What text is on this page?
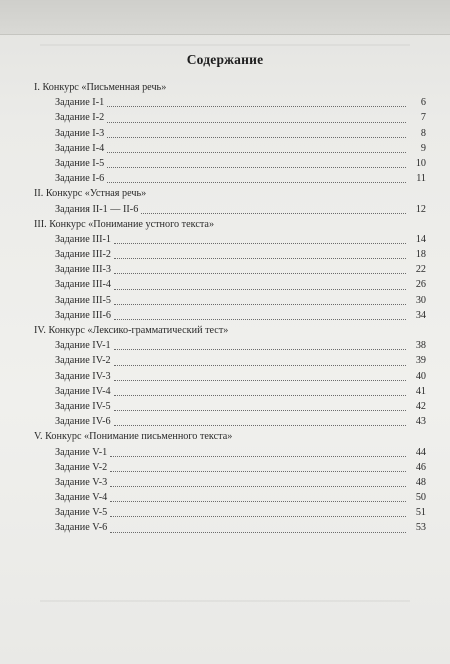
Содержание
I. Конкурс «Письменная речь»
Задание I-1	6
Задание I-2	7
Задание I-3	8
Задание I-4	9
Задание I-5	10
Задание I-6	11
II. Конкурс «Устная речь»
Задания II-1 — II-6	12
III. Конкурс «Понимание устного текста»
Задание III-1	14
Задание III-2	18
Задание III-3	22
Задание III-4	26
Задание III-5	30
Задание III-6	34
IV. Конкурс «Лексико-грамматический тест»
Задание IV-1	38
Задание IV-2	39
Задание IV-3	40
Задание IV-4	41
Задание IV-5	42
Задание IV-6	43
V. Конкурс «Понимание письменного текста»
Задание V-1	44
Задание V-2	46
Задание V-3	48
Задание V-4	50
Задание V-5	51
Задание V-6	53
